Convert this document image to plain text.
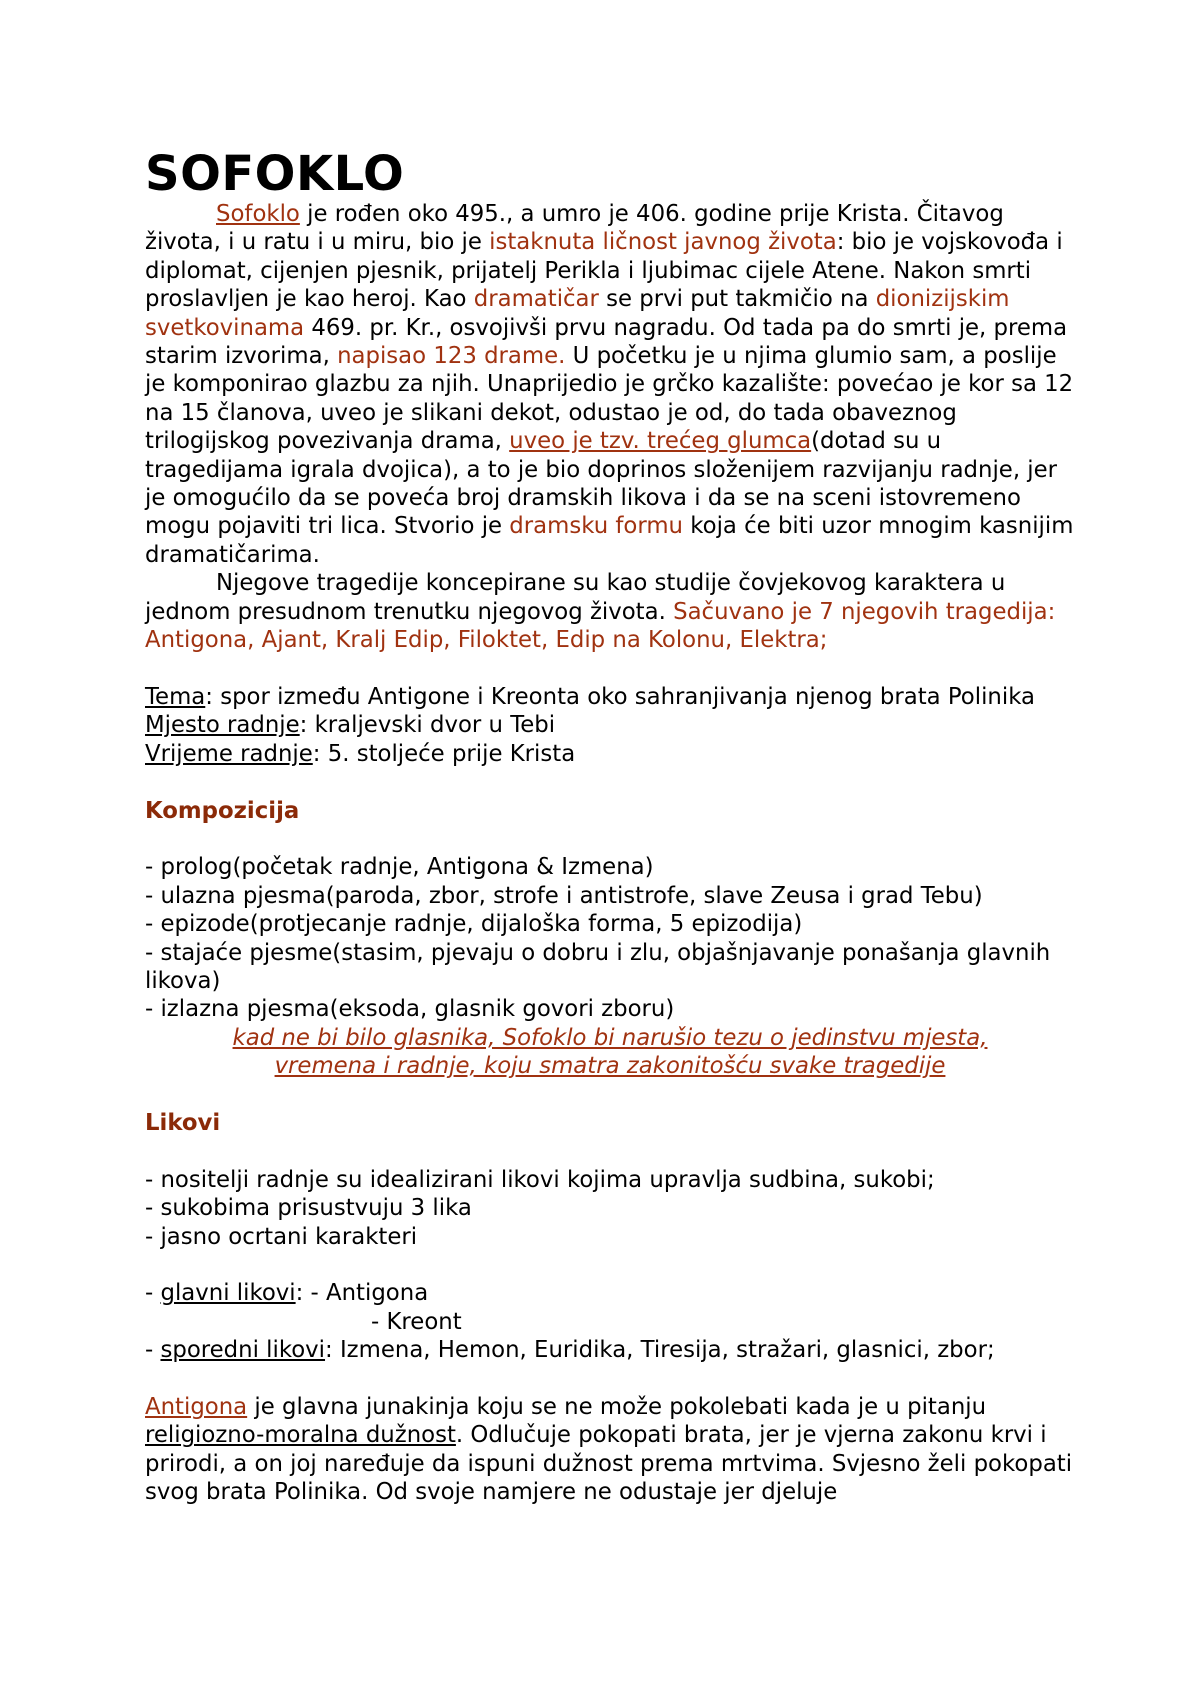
SOFOKLO

Sofoklo je rođen oko 495., a umro je 406. godine prije Krista. Čitavog života, i u ratu i u miru, bio je istaknuta ličnost javnog života: bio je vojskovođa i diplomat, cijenjen pjesnik, prijatelj Perikla i ljubimac cijele Atene. Nakon smrti proslavljen je kao heroj. Kao dramatičar se prvi put takmičio na dionizijskim svetkovinama 469. pr. Kr., osvojivši prvu nagradu. Od tada pa do smrti je, prema starim izvorima, napisao 123 drame. U početku je u njima glumio sam, a poslije je komponirao glazbu za njih. Unaprijedio je grčko kazalište: povećao je kor sa 12 na 15 članova, uveo je slikani dekot, odustao je od, do tada obaveznog trilogijskog povezivanja drama, uveo je tzv. trećeg glumca(dotad su u tragedijama igrala dvojica), a to je bio doprinos složenijem razvijanju radnje, jer je omogućilo da se poveća broj dramskih likova i da se na sceni istovremeno mogu pojaviti tri lica. Stvorio je dramsku formu koja će biti uzor mnogim kasnijim dramatičarima.

Njegove tragedije koncepirane su kao studije čovjekovog karaktera u jednom presudnom trenutku njegovog života. Sačuvano je 7 njegovih tragedija: Antigona, Ajant, Kralj Edip, Filoktet, Edip na Kolonu, Elektra;

Tema: spor između Antigone i Kreonta oko sahranjivanja njenog brata Polinika

Mjesto radnje: kraljevski dvor u Tebi

Vrijeme radnje: 5. stoljeće prije Krista

Kompozicija

- prolog(početak radnje, Antigona & Izmena)

- ulazna pjesma(paroda, zbor, strofe i antistrofe, slave Zeusa i grad Tebu)

- epizode(protjecanje radnje, dijaloška forma, 5 epizodija)

- stajaće pjesme(stasim, pjevaju o dobru i zlu, objašnjavanje ponašanja glavnih likova)

- izlazna pjesma(eksoda, glasnik govori zboru)

kad ne bi bilo glasnika, Sofoklo bi narušio tezu o jedinstvu mjesta,

vremena i radnje, koju smatra zakonitošću svake tragedije

Likovi

- nositelji radnje su idealizirani likovi kojima upravlja sudbina, sukobi;

- sukobima prisustvuju 3 lika

- jasno ocrtani karakteri

- glavni likovi: - Antigona

- Kreont

- sporedni likovi: Izmena, Hemon, Euridika, Tiresija, stražari, glasnici, zbor;

Antigona je glavna junakinja koju se ne može pokolebati kada je u pitanju religiozno-moralna dužnost. Odlučuje pokopati brata, jer je vjerna zakonu krvi i prirodi, a on joj naređuje da ispuni dužnost prema mrtvima. Svjesno želi pokopati svog brata Polinika. Od svoje namjere ne odustaje jer djeluje
